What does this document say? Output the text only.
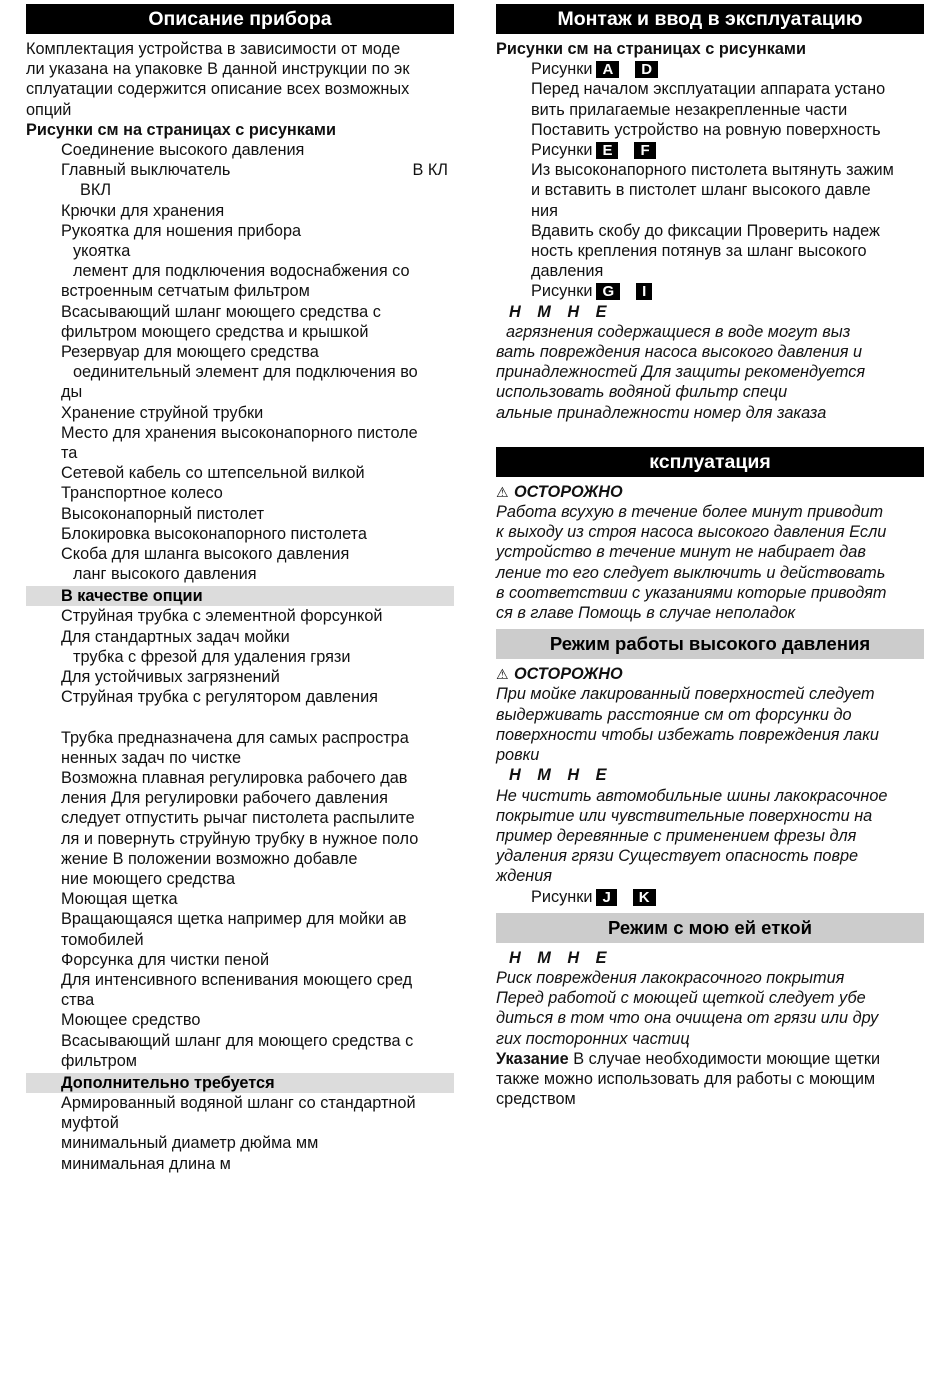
Описание прибора

Комплектация устройства в зависимости от моде

ли указана на упаковке В данной инструкции по эк

сплуатации содержится описание всех возможных

опций

Рисунки см на страницах с рисунками

Соединение высокого давления

Главный выключатель	В КЛ

ВКЛ

Крючки для хранения

Рукоятка для ношения прибора

укоятка

лемент для подключения водоснабжения со

встроенным сетчатым фильтром

Всасывающий шланг моющего средства с

фильтром моющего средства и крышкой

Резервуар для моющего средства

оединительный элемент для подключения во

ды

Хранение струйной трубки

Место для хранения высоконапорного пистоле

та

Сетевой кабель со штепсельной вилкой

Транспортное колесо

Высоконапорный пистолет

Блокировка высоконапорного пистолета

Скоба для шланга высокого давления

ланг высокого давления

В качестве опции

Струйная трубка с элементной форсункой

Для стандартных задач мойки

трубка с фрезой для удаления грязи

Для устойчивых загрязнений

Струйная трубка с регулятором давления

Трубка предназначена для самых распростра

ненных задач по чистке

Возможна плавная регулировка рабочего дав

ления Для регулировки рабочего давления

следует отпустить рычаг пистолета распылите

ля и повернуть струйную трубку в нужное поло

жение В положении возможно добавле

ние моющего средства

Моющая щетка

Вращающаяся щетка например для мойки ав

томобилей

Форсунка для чистки пеной

Для интенсивного вспенивания моющего сред

ства

Моющее средство

Всасывающий шланг для моющего средства с

фильтром

Дополнительно требуется

Армированный водяной шланг со стандартной

муфтой

минимальный диаметр дюйма мм

минимальная длина м

Монтаж и ввод в эксплуатацию

Рисунки см на страницах с рисунками

Рисунки A D

Перед началом эксплуатации аппарата устано

вить прилагаемые незакрепленные части

Поставить устройство на ровную поверхность

Рисунки E F

Из высоконапорного пистолета вытянуть зажим

и вставить в пистолет шланг высокого давле

ния

Вдавить скобу до фиксации Проверить надеж

ность крепления потянув за шланг высокого

давления

Рисунки G I

Н М Н Е

агрязнения содержащиеся в воде могут выз

вать повреждения насоса высокого давления и

принадлежностей Для защиты рекомендуется

использовать водяной фильтр специ

альные принадлежности номер для заказа

ксплуатация

⚠ ОСТОРОЖНО

Работа всухую в течение более минут приводит

к выходу из строя насоса высокого давления Если

устройство в течение минут не набирает дав

ление то его следует выключить и действовать

в соответствии с указаниями которые приводят

ся в главе Помощь в случае неполадок

Режим работы высокого давления

⚠ ОСТОРОЖНО

При мойке лакированный поверхностей следует

выдерживать расстояние см от форсунки до

поверхности чтобы избежать повреждения лаки

ровки

Н М Н Е

Не чистить автомобильные шины лакокрасочное

покрытие или чувствительные поверхности на

пример деревянные с применением фрезы для

удаления грязи Существует опасность повре

ждения

Рисунки J K

Режим с мою ей еткой

Н М Н Е

Риск повреждения лакокрасочного покрытия

Перед работой с моющей щеткой следует убе

диться в том что она очищена от грязи или дру

гих посторонних частиц

Указание В случае необходимости моющие щетки

также можно использовать для работы с моющим

средством
